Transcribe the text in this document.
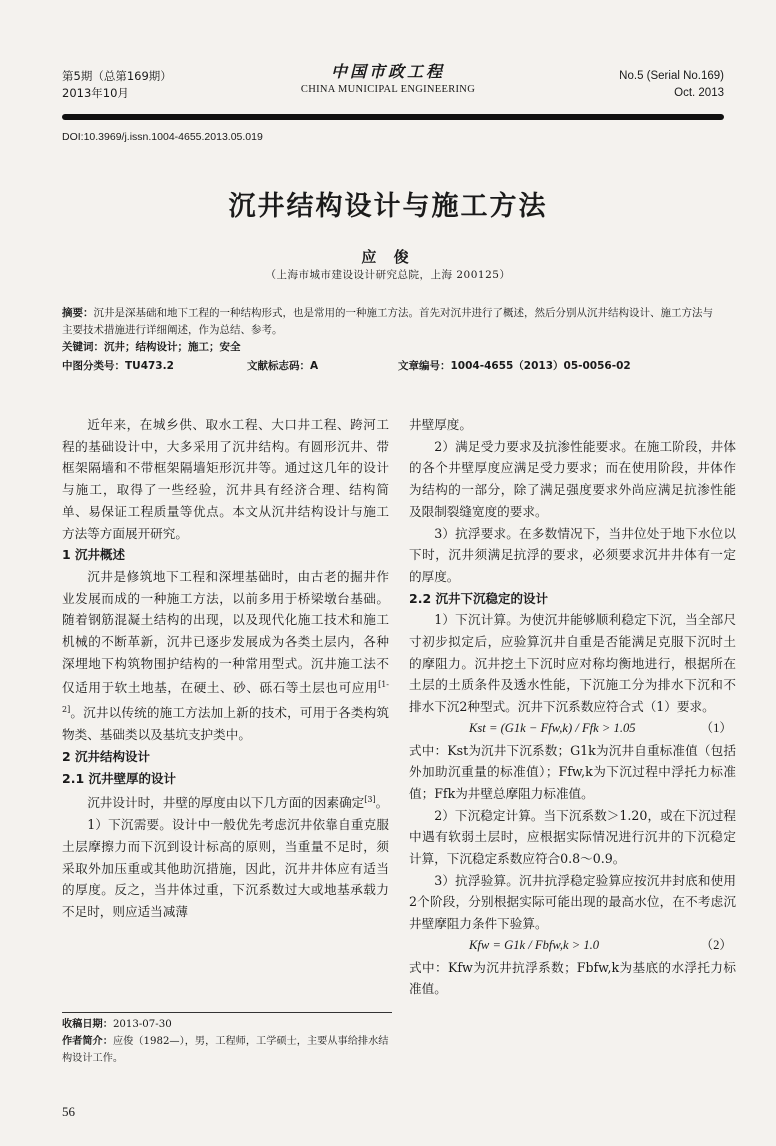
第5期（总第169期）
2013年10月
中国市政工程
CHINA MUNICIPAL ENGINEERING
No.5 (Serial No.169)
Oct. 2013
DOI:10.3969/j.issn.1004-4655.2013.05.019
沉井结构设计与施工方法
应 俊
（上海市城市建设设计研究总院，上海 200125）
摘要：沉井是深基础和地下工程的一种结构形式，也是常用的一种施工方法。首先对沉井进行了概述，然后分别从沉井结构设计、施工方法与主要技术措施进行详细阐述，作为总结、参考。
关键词：沉井；结构设计；施工；安全
中图分类号：TU473.2	文献标志码：A	文章编号：1004-4655（2013）05-0056-02

近年来，在城乡供、取水工程、大口井工程、跨河工程的基础设计中，大多采用了沉井结构。有圆形沉井、带框架隔墙和不带框架隔墙矩形沉井等。通过这几年的设计与施工，取得了一些经验，沉井具有经济合理、结构简单、易保证工程质量等优点。本文从沉井结构设计与施工方法等方面展开研究。

1 沉井概述

沉井是修筑地下工程和深埋基础时，由古老的掘井作业发展而成的一种施工方法，以前多用于桥梁墩台基础。随着钢筋混凝土结构的出现，以及现代化施工技术和施工机械的不断革新，沉井已逐步发展成为各类土层内，各种深埋地下构筑物围护结构的一种常用型式。沉井施工法不仅适用于软土地基，在硬土、砂、砾石等土层也可应用[1-2]。沉井以传统的施工方法加上新的技术，可用于各类构筑物类、基础类以及基坑支护类中。

2 沉井结构设计

2.1 沉井壁厚的设计

沉井设计时，井壁的厚度由以下几方面的因素确定[3]。

1）下沉需要。设计中一般优先考虑沉井依靠自重克服土层摩擦力而下沉到设计标高的原则，当重量不足时，须采取外加压重或其他助沉措施，因此，沉井井体应有适当的厚度。反之，当井体过重，下沉系数过大或地基承载力不足时，则应适当减薄

收稿日期：2013-07-30
作者简介：应俊（1982—），男，工程师，工学硕士，主要从事给排水结构设计工作。

井壁厚度。

2）满足受力要求及抗渗性能要求。在施工阶段，井体的各个井壁厚度应满足受力要求；而在使用阶段，井体作为结构的一部分，除了满足强度要求外尚应满足抗渗性能及限制裂缝宽度的要求。

3）抗浮要求。在多数情况下，当井位处于地下水位以下时，沉井须满足抗浮的要求，必须要求沉井井体有一定的厚度。

2.2 沉井下沉稳定的设计

1）下沉计算。为使沉井能够顺利稳定下沉，当全部尺寸初步拟定后，应验算沉井自重是否能满足克服下沉时土的摩阻力。沉井挖土下沉时应对称均衡地进行，根据所在土层的土质条件及透水性能，下沉施工分为排水下沉和不排水下沉2种型式。沉井下沉系数应符合式（1）要求。

Kst = (G1k − Ffw,k) / Ffk > 1.05	（1）

式中：Kst为沉井下沉系数；G1k为沉井自重标准值（包括外加助沉重量的标准值）；Ffw,k为下沉过程中浮托力标准值；Ffk为井壁总摩阻力标准值。

2）下沉稳定计算。当下沉系数＞1.20，或在下沉过程中遇有软弱土层时，应根据实际情况进行沉井的下沉稳定计算，下沉稳定系数应符合0.8～0.9。

3）抗浮验算。沉井抗浮稳定验算应按沉井封底和使用2个阶段，分别根据实际可能出现的最高水位，在不考虑沉井壁摩阻力条件下验算。

Kfw = G1k / Fbfw,k > 1.0	（2）

式中：Kfw为沉井抗浮系数；Fbfw,k为基底的水浮托力标准值。

56
